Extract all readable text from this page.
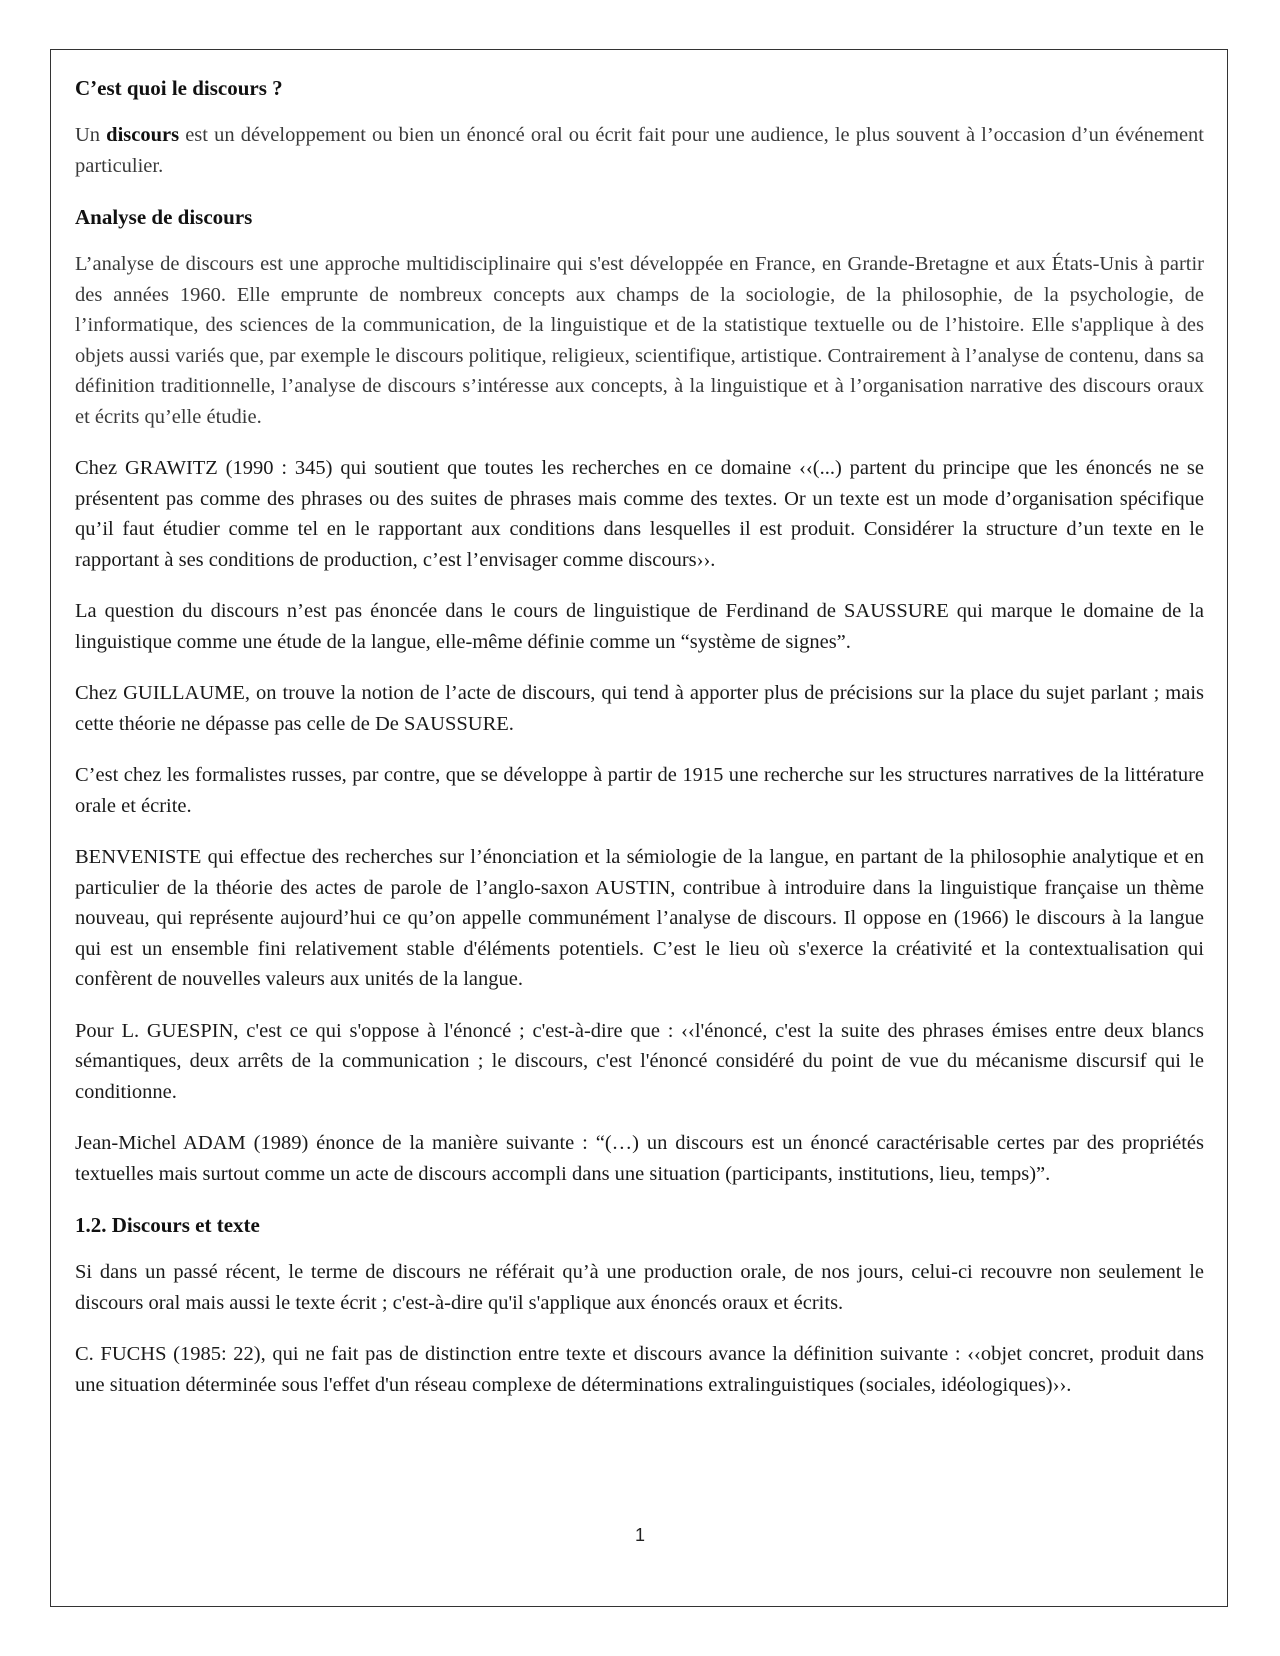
C’est quoi le discours ?

Un discours est un développement ou bien un énoncé oral ou écrit fait pour une audience, le plus souvent à l’occasion d’un événement particulier.

Analyse de discours

L’analyse de discours est une approche multidisciplinaire qui s'est développée en France, en Grande-Bretagne et aux États-Unis à partir des années 1960. Elle emprunte de nombreux concepts aux champs de la sociologie, de la philosophie, de la psychologie, de l’informatique, des sciences de la communication, de la linguistique et de la statistique textuelle ou de l’histoire. Elle s'applique à des objets aussi variés que, par exemple le discours politique, religieux, scientifique, artistique. Contrairement à l’analyse de contenu, dans sa définition traditionnelle, l’analyse de discours s’intéresse aux concepts, à la linguistique et à l’organisation narrative des discours oraux et écrits qu’elle étudie.

Chez GRAWITZ (1990 : 345) qui soutient que toutes les recherches en ce domaine ‹‹(...) partent du principe que les énoncés ne se présentent pas comme des phrases ou des suites de phrases mais comme des textes. Or un texte est un mode d’organisation spécifique qu’il faut étudier comme tel en le rapportant aux conditions dans lesquelles il est produit. Considérer la structure d’un texte en le rapportant à ses conditions de production, c’est l’envisager comme discours››.

La question du discours n’est pas énoncée dans le cours de linguistique de Ferdinand de SAUSSURE qui marque le domaine de la linguistique comme une étude de la langue, elle-même définie comme un “système de signes”.

Chez GUILLAUME, on trouve la notion de l’acte de discours, qui tend à apporter plus de précisions sur la place du sujet parlant ; mais cette théorie ne dépasse pas celle de De SAUSSURE.

C’est chez les formalistes russes, par contre, que se développe à partir de 1915 une recherche sur les structures narratives de la littérature orale et écrite.

BENVENISTE qui effectue des recherches sur l’énonciation et la sémiologie de la langue, en partant de la philosophie analytique et en particulier de la théorie des actes de parole de l’anglo-saxon AUSTIN, contribue à introduire dans la linguistique française un thème nouveau, qui représente aujourd’hui ce qu’on appelle communément l’analyse de discours. Il oppose en (1966) le discours à la langue qui est un ensemble fini relativement stable d'éléments potentiels. C’est le lieu où s'exerce la créativité et la contextualisation qui confèrent de nouvelles valeurs aux unités de la langue.

Pour L. GUESPIN, c'est ce qui s'oppose à l'énoncé ; c'est-à-dire que : ‹‹l'énoncé, c'est la suite des phrases émises entre deux blancs sémantiques, deux arrêts de la communication ; le discours, c'est l'énoncé considéré du point de vue du mécanisme discursif qui le conditionne.

Jean-Michel ADAM (1989) énonce de la manière suivante : “(…) un discours est un énoncé caractérisable certes par des propriétés textuelles mais surtout comme un acte de discours accompli dans une situation (participants, institutions, lieu, temps)”.

1.2. Discours et texte

Si dans un passé récent, le terme de discours ne référait qu’à une production orale, de nos jours, celui-ci recouvre non seulement le discours oral mais aussi le texte écrit ; c'est-à-dire qu'il s'applique aux énoncés oraux et écrits.

C. FUCHS (1985: 22), qui ne fait pas de distinction entre texte et discours avance la définition suivante : ‹‹objet concret, produit dans une situation déterminée sous l'effet d'un réseau complexe de déterminations extralinguistiques (sociales, idéologiques)››.

1
